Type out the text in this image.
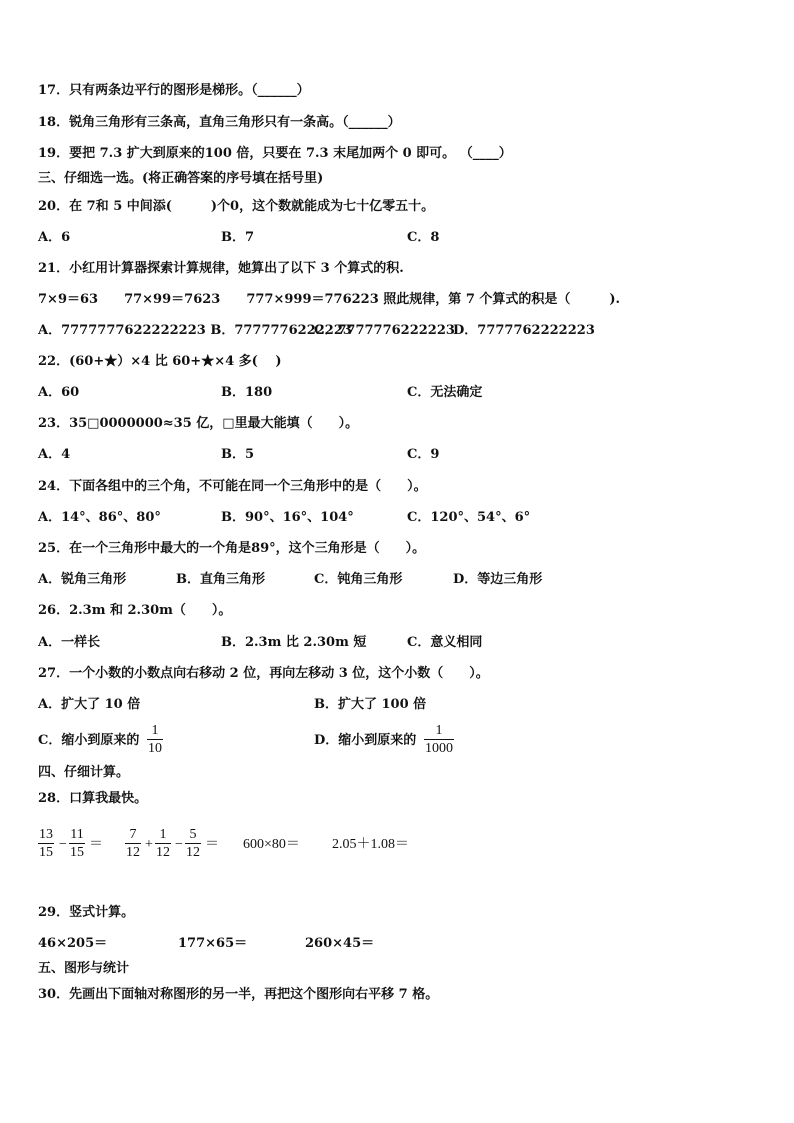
17．只有两条边平行的图形是梯形。（______）
18．锐角三角形有三条高，直角三角形只有一条高。（______）
19．要把 7.3 扩大到原来的100 倍，只要在 7.3 末尾加两个 0 即可。 （____）
三、仔细选一选。(将正确答案的序号填在括号里)
20．在 7和 5 中间添(　　　)个0，这个数就能成为七十亿零五十。
A．6	B．7	C．8
21．小红用计算器探索计算规律，她算出了以下 3 个算式的积.
7×9＝63　　77×99＝7623　　777×999＝776223 照此规律，第 7 个算式的积是（　　　).
A．7777777622222223 B．7777776222223
C．7777776222223
D．7777762222223
22．(60+★）×4 比 60+★×4 多(　 )
A．60	B．180	C．无法确定
23．35□0000000≈35 亿，□里最大能填（　　）。
A．4	B．5	C．9
24．下面各组中的三个角，不可能在同一个三角形中的是（　　）。
A．14°、86°、80°	B．90°、16°、104°	C．120°、54°、6°
25．在一个三角形中最大的一个角是89°，这个三角形是（　　）。
A．锐角三角形	B．直角三角形	C．钝角三角形	D．等边三角形
26．2.3m 和 2.30m（　　）。
A．一样长	B．2.3m 比 2.30m 短	C．意义相同
27．一个小数的小数点向右移动 2 位，再向左移动 3 位，这个小数（　　）。
A．扩大了 10 倍	B．扩大了 100 倍
C．缩小到原来的
1
10
D．缩小到原来的
1
1000
四、仔细计算。
28．口算我最快。
13
15
−
11
15
＝
7
12
+
1
12
−
5
12
＝ 600×80＝ 2.05＋1.08＝
29．竖式计算。
46×205＝	177×65＝	260×45＝
五、图形与统计
30．先画出下面轴对称图形的另一半，再把这个图形向右平移 7 格。
